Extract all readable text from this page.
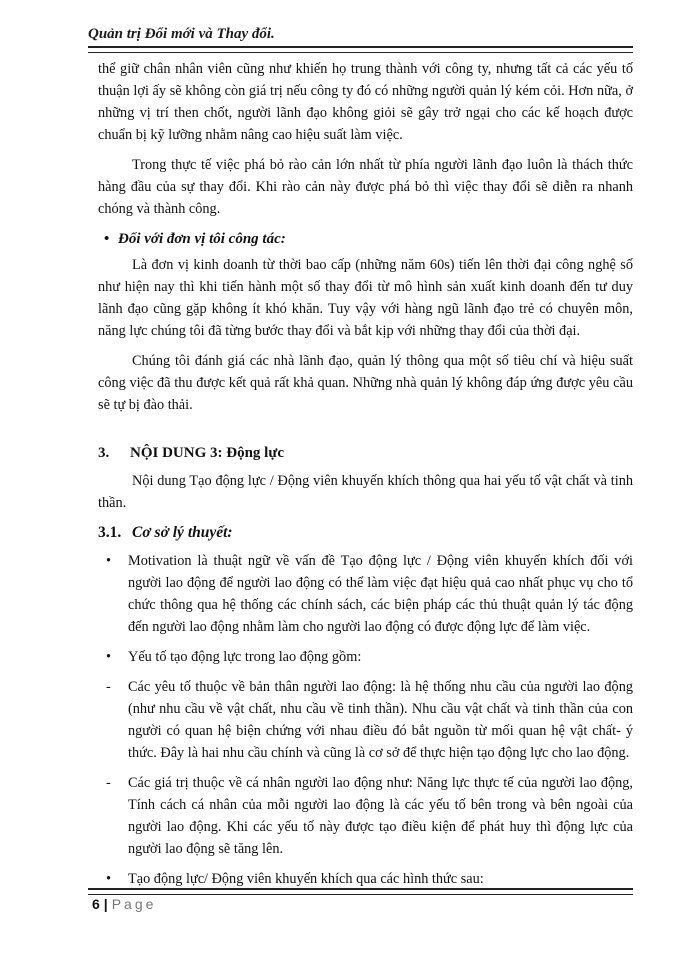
Quản trị Đổi mới và Thay đổi.

thể giữ chân nhân viên cũng như khiến họ trung thành với công ty, nhưng tất cả các yếu tố thuận lợi ấy sẽ không còn giá trị nếu công ty đó có những người quản lý kém cỏi. Hơn nữa, ở những vị trí then chốt, người lãnh đạo không giỏi sẽ gây trở ngại cho các kế hoạch được chuẩn bị kỹ lưỡng nhằm nâng cao hiệu suất làm việc.

Trong thực tế việc phá bỏ rào cản lớn nhất từ phía người lãnh đạo luôn là thách thức hàng đầu của sự thay đổi. Khi rào cản này được phá bỏ thì việc thay đổi sẽ diễn ra nhanh chóng và thành công.

• Đối với đơn vị tôi công tác:

Là đơn vị kinh doanh từ thời bao cấp (những năm 60s) tiến lên thời đại công nghệ số như hiện nay thì khi tiến hành một số thay đổi từ mô hình sản xuất kinh doanh đến tư duy lãnh đạo cũng gặp không ít khó khăn. Tuy vậy với hàng ngũ lãnh đạo trẻ có chuyên môn, năng lực chúng tôi đã từng bước thay đổi và bắt kịp với những thay đổi của thời đại.

Chúng tôi đánh giá các nhà lãnh đạo, quản lý thông qua một số tiêu chí và hiệu suất công việc đã thu được kết quả rất khả quan. Những nhà quản lý không đáp ứng được yêu cầu sẽ tự bị đào thải.

3.	NỘI DUNG 3: Động lực

Nội dung Tạo động lực / Động viên khuyến khích thông qua hai yếu tố vật chất và tinh thần.

3.1. Cơ sở lý thuyết:
•	Motivation là thuật ngữ về vấn đề Tạo động lực / Động viên khuyến khích đối với người lao động để người lao động có thể làm việc đạt hiệu quả cao nhất phục vụ cho tổ chức thông qua hệ thống các chính sách, các biện pháp các thủ thuật quản lý tác động đến người lao động nhằm làm cho người lao động có được động lực để làm việc.
•	Yếu tố tạo động lực trong lao động gồm:
-	Các yêu tố thuộc về bản thân người lao động: là hệ thống nhu cầu của người lao động (như nhu cầu về vật chất, nhu cầu về tinh thần). Nhu cầu vật chất và tinh thần của con người có quan hệ biện chứng với nhau điều đó bắt nguồn từ mối quan hệ vật chất- ý thức. Đây là hai nhu cầu chính và cũng là cơ sở để thực hiện tạo động lực cho lao động.
-	Các giá trị thuộc về cá nhân người lao động như: Năng lực thực tế của người lao động, Tính cách cá nhân của mỗi người lao động là các yếu tố bên trong và bên ngoài của người lao động. Khi các yếu tố này được tạo điều kiện để phát huy thì động lực của người lao động sẽ tăng lên.
•	Tạo động lực/ Động viên khuyến khích qua các hình thức sau:
6 | Page
